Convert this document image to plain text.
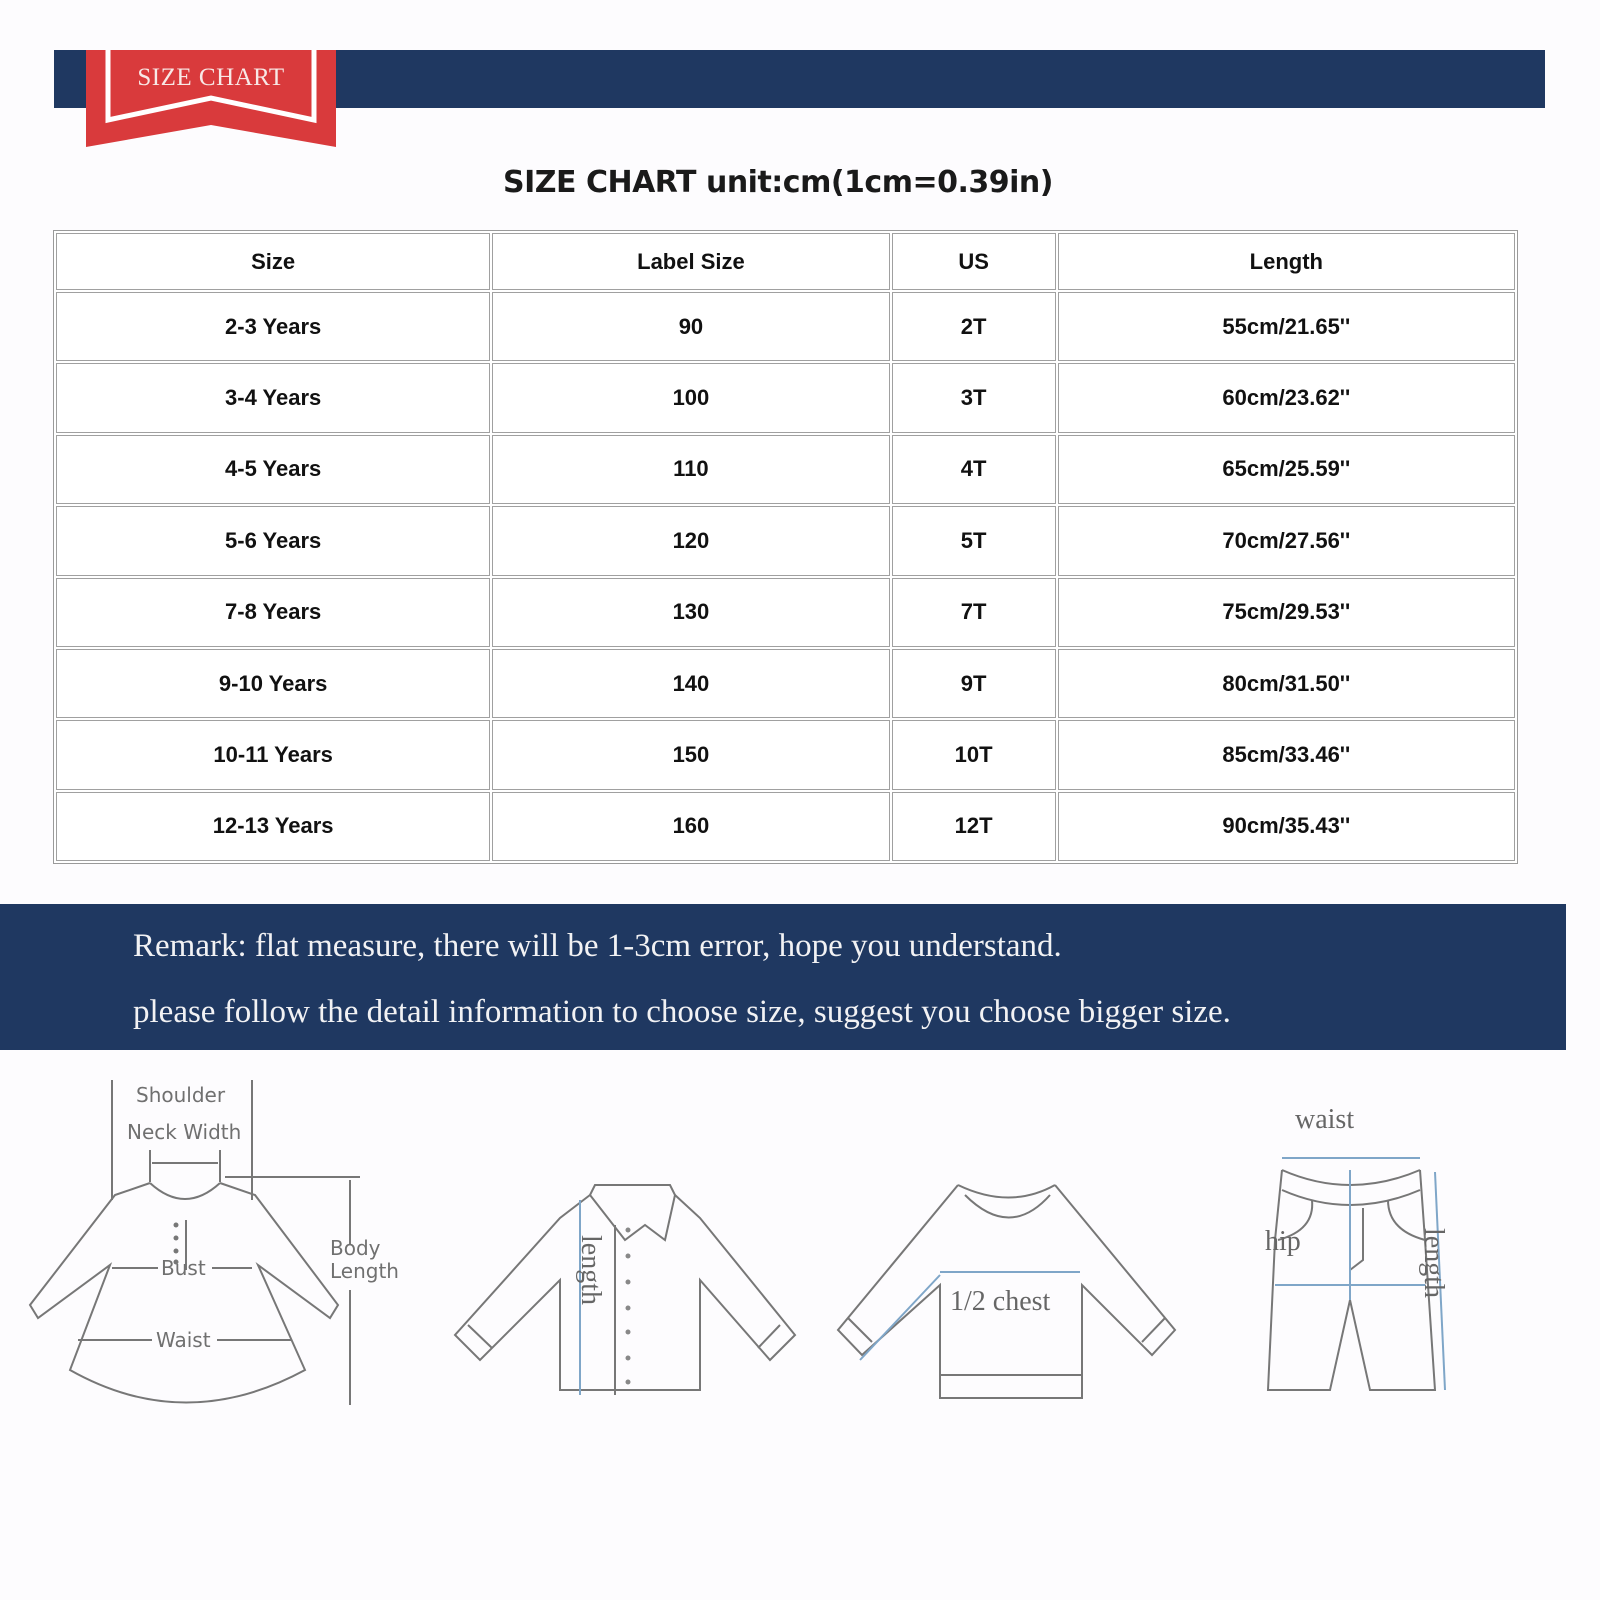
SIZE CHART
SIZE CHART unit:cm(1cm=0.39in)
Size	Label Size	US	Length
2-3 Years	90	2T	55cm/21.65''
3-4 Years	100	3T	60cm/23.62''
4-5 Years	110	4T	65cm/25.59''
5-6 Years	120	5T	70cm/27.56''
7-8 Years	130	7T	75cm/29.53''
9-10 Years	140	9T	80cm/31.50''
10-11 Years	150	10T	85cm/33.46''
12-13 Years	160	12T	90cm/35.43''
Remark: flat measure, there will be 1-3cm error, hope you understand.
please follow the detail information to choose size, suggest you choose bigger size.
Shoulder
Neck Width
Bust
Waist
Body
Length	length	1/2 chest
waist
hip	length
